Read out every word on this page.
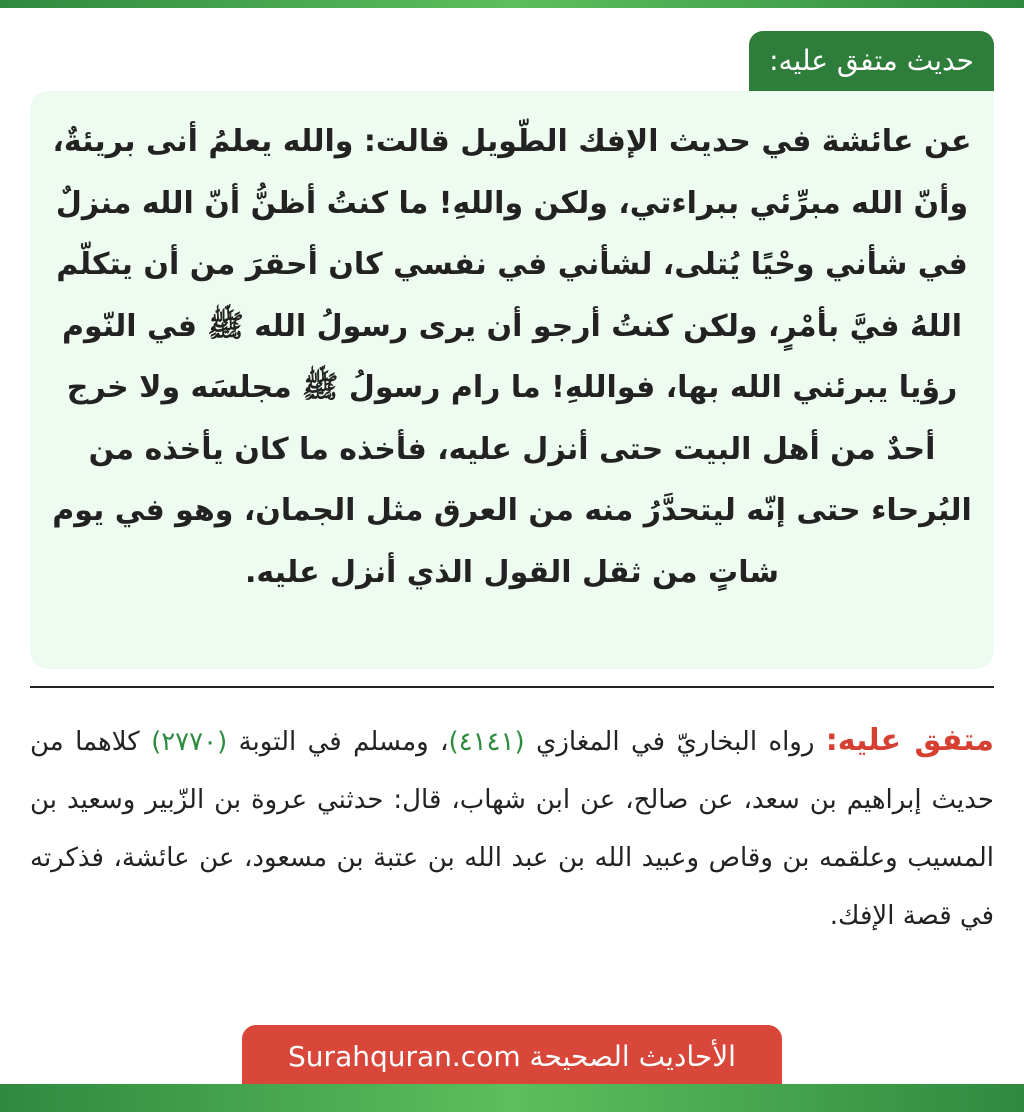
حديث متفق عليه:

عن عائشة في حديث الإفك الطّويل قالت: والله يعلمُ أنى بريئةٌ، وأنّ الله مبرِّئي ببراءتي، ولكن واللهِ! ما كنتُ أظنُّ أنّ الله منزلٌ في شأني وحْيًا يُتلى، لشأني في نفسي كان أحقرَ من أن يتكلّم اللهُ فيَّ بأمْرٍ، ولكن كنتُ أرجو أن يرى رسولُ الله ﷺ في النّوم رؤيا يبرئني الله بها، فواللهِ! ما رام رسولُ ﷺ مجلسَه ولا خرج أحدٌ من أهل البيت حتى أنزل عليه، فأخذه ما كان يأخذه من البُرحاء حتى إنّه ليتحدَّرُ منه من العرق مثل الجمان، وهو في يوم شاتٍ من ثقل القول الذي أنزل عليه.

متفق عليه: رواه البخاريّ في المغازي (٤١٤١)، ومسلم في التوبة (٢٧٧٠) كلاهما من حديث إبراهيم بن سعد، عن صالح، عن ابن شهاب، قال: حدثني عروة بن الزّبير وسعيد بن المسيب وعلقمه بن وقاص وعبيد الله بن عبد الله بن عتبة بن مسعود، عن عائشة، فذكرته في قصة الإفك.
الأحاديث الصحيحة Surahquran.com
